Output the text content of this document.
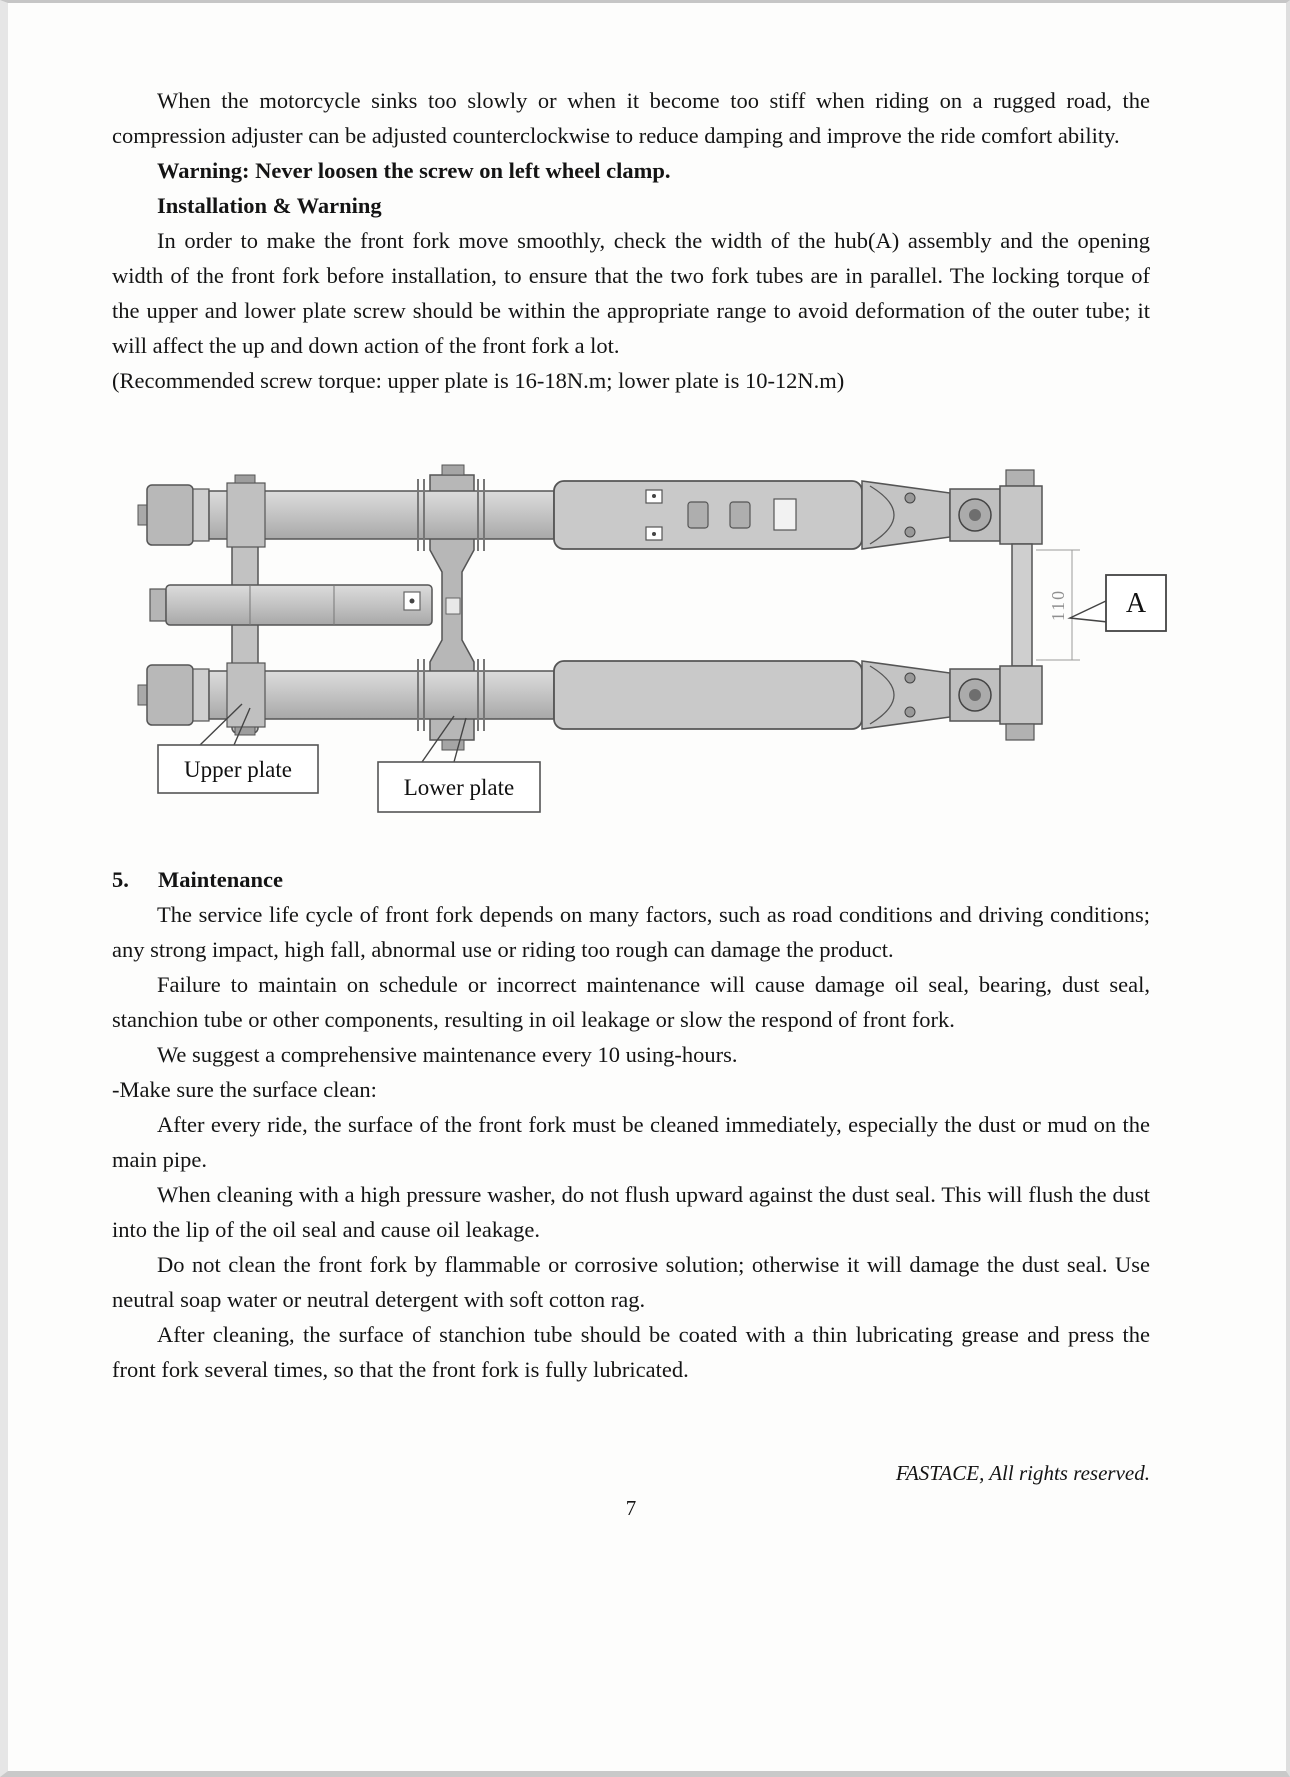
When the motorcycle sinks too slowly or when it become too stiff when riding on a rugged road, the compression adjuster can be adjusted counterclockwise to reduce damping and improve the ride comfort ability.

Warning: Never loosen the screw on left wheel clamp.

Installation & Warning

In order to make the front fork move smoothly, check the width of the hub(A) assembly and the opening width of the front fork before installation, to ensure that the two fork tubes are in parallel. The locking torque of the upper and lower plate screw should be within the appropriate range to avoid deformation of the outer tube; it will affect the up and down action of the front fork a lot.

(Recommended screw torque: upper plate is 16-18N.m; lower plate is 10-12N.m)

110 A
Upper plate
Lower plate
5.	Maintenance

The service life cycle of front fork depends on many factors, such as road conditions and driving conditions; any strong impact, high fall, abnormal use or riding too rough can damage the product.

Failure to maintain on schedule or incorrect maintenance will cause damage oil seal, bearing, dust seal, stanchion tube or other components, resulting in oil leakage or slow the respond of front fork.

We suggest a comprehensive maintenance every 10 using-hours.

-Make sure the surface clean:

After every ride, the surface of the front fork must be cleaned immediately, especially the dust or mud on the main pipe.

When cleaning with a high pressure washer, do not flush upward against the dust seal. This will flush the dust into the lip of the oil seal and cause oil leakage.

Do not clean the front fork by flammable or corrosive solution; otherwise it will damage the dust seal. Use neutral soap water or neutral detergent with soft cotton rag.

After cleaning, the surface of stanchion tube should be coated with a thin lubricating grease and press the front fork several times, so that the front fork is fully lubricated.

FASTACE, All rights reserved.
7
